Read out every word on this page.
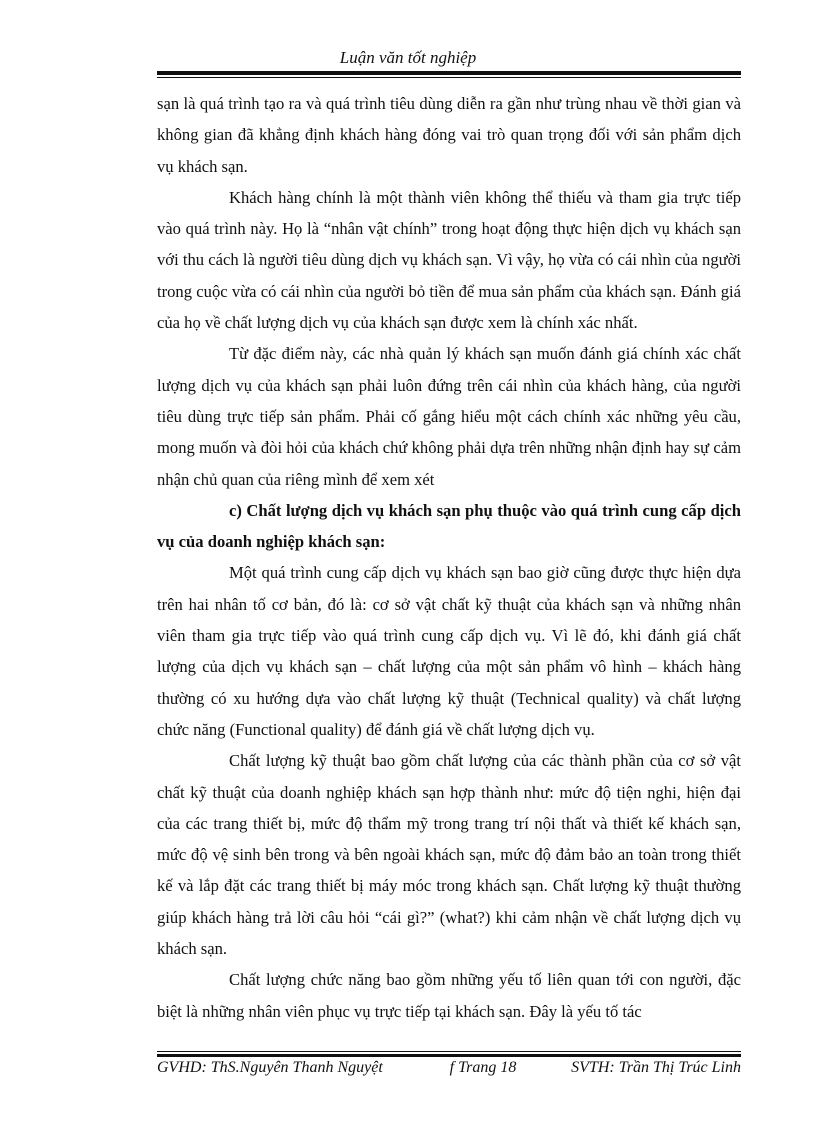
Luận văn tốt nghiệp

sạn là quá trình tạo ra và quá trình tiêu dùng diễn ra gần như trùng nhau về thời gian và không gian đã khẳng định khách hàng đóng vai trò quan trọng đối với sản phẩm dịch vụ khách sạn.

Khách hàng chính là một thành viên không thể thiếu và tham gia trực tiếp vào quá trình này. Họ là “nhân vật chính” trong hoạt động thực hiện dịch vụ khách sạn với thu cách là người tiêu dùng dịch vụ khách sạn. Vì vậy, họ vừa có cái nhìn của người trong cuộc vừa có cái nhìn của người bỏ tiền để mua sản phẩm của khách sạn. Đánh giá của họ về chất lượng dịch vụ của khách sạn được xem là chính xác nhất.

Từ đặc điểm này, các nhà quản lý khách sạn muốn đánh giá chính xác chất lượng dịch vụ của khách sạn phải luôn đứng trên cái nhìn của khách hàng, của người tiêu dùng trực tiếp sản phẩm. Phải cố gắng hiểu một cách chính xác những yêu cầu, mong muốn và đòi hỏi của khách chứ không phải dựa trên những nhận định hay sự cảm nhận chủ quan của riêng mình để xem xét

c) Chất lượng dịch vụ khách sạn phụ thuộc vào quá trình cung cấp dịch vụ của doanh nghiệp khách sạn:

Một quá trình cung cấp dịch vụ khách sạn bao giờ cũng được thực hiện dựa trên hai nhân tố cơ bản, đó là: cơ sở vật chất kỹ thuật của khách sạn và những nhân viên tham gia trực tiếp vào quá trình cung cấp dịch vụ. Vì lẽ đó, khi đánh giá chất lượng của dịch vụ khách sạn – chất lượng của một sản phẩm vô hình – khách hàng thường có xu hướng dựa vào chất lượng kỹ thuật (Technical quality) và chất lượng chức năng (Functional quality) để đánh giá về chất lượng dịch vụ.

Chất lượng kỹ thuật bao gồm chất lượng của các thành phần của cơ sở vật chất kỹ thuật của doanh nghiệp khách sạn hợp thành như: mức độ tiện nghi, hiện đại của các trang thiết bị, mức độ thẩm mỹ trong trang trí nội thất và thiết kế khách sạn, mức độ vệ sinh bên trong và bên ngoài khách sạn, mức độ đảm bảo an toàn trong thiết kế và lắp đặt các trang thiết bị máy móc trong khách sạn. Chất lượng kỹ thuật thường giúp khách hàng trả lời câu hỏi “cái gì?” (what?) khi cảm nhận về chất lượng dịch vụ khách sạn.

Chất lượng chức năng bao gồm những yếu tố liên quan tới con người, đặc biệt là những nhân viên phục vụ trực tiếp tại khách sạn. Đây là yếu tố tác

GVHD: ThS.Nguyên Thanh Nguyệt	f Trang 18	SVTH: Trần Thị Trúc Linh
